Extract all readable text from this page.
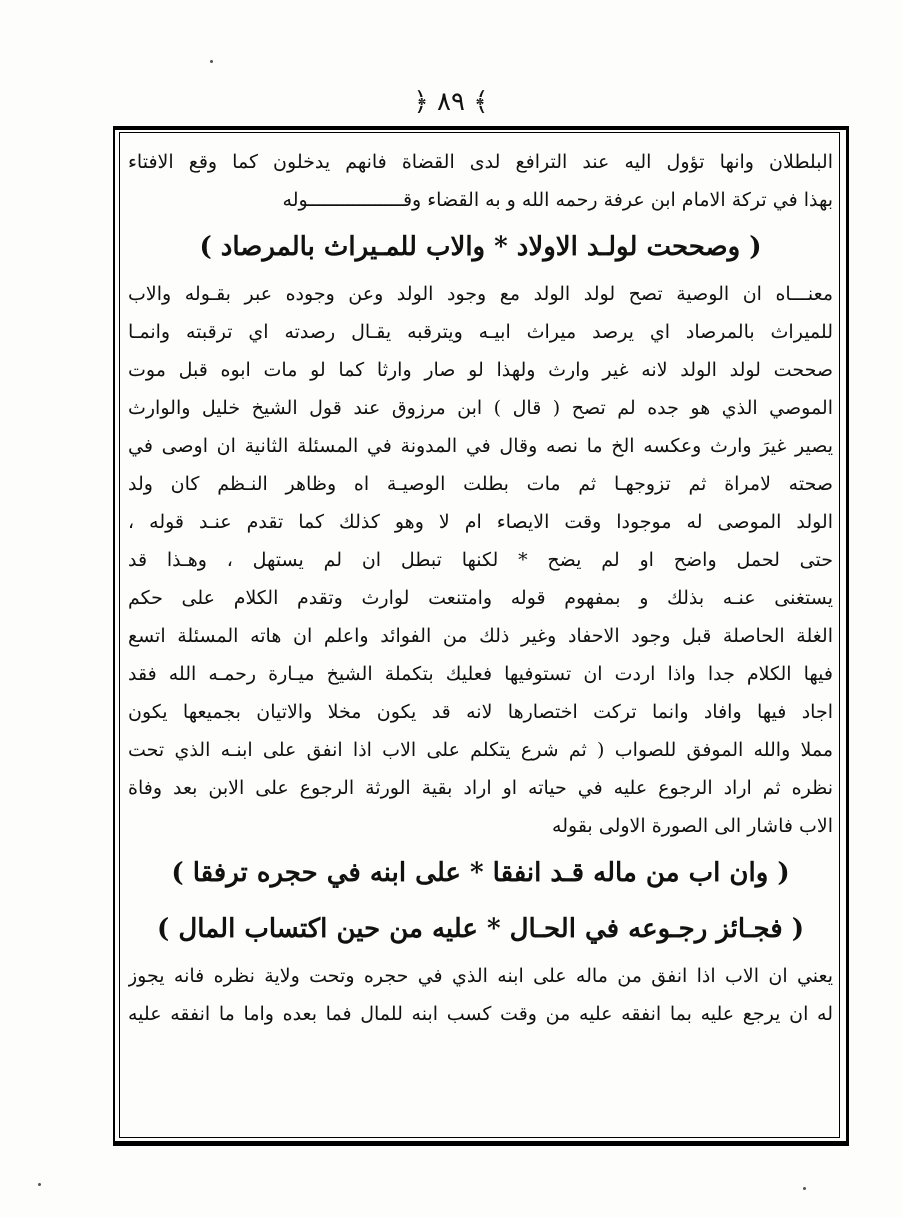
﴿ ٨٩ ﴾
البلطلان وانها تؤول اليه عند الترافع لدى القضاة فانهم يدخلون كما وقع الافتاء
بهذا في تركة الامام ابن عرفة رحمه الله و به القضاء وقـــــــــــــــــوله
( وصححت لولـد الاولاد * والاب للمـيراث بالمرصاد )
معنـــاه ان الوصية تصح لولد الولد مع وجود الولد وعن وجوده عبر بقـوله والاب
للميراث بالمرصاد اي يرصد ميراث ابيـه ويترقبه يقـال رصدته اي ترقبته وانمـا
صححت لولد الولد لانه غير وارث ولهذا لو صار وارثا كما لو مات ابوه قبل موت
الموصي الذي هو جده لم تصح ( قال ) ابن مرزوق عند قول الشيخ خليل والوارث
يصير غيرَ وارث وعكسه الخ ما نصه وقال في المدونة في المسئلة الثانية ان اوصى في
صحته لامراة ثم تزوجهـا ثم مات بطلت الوصيـة اه وظاهر النـظم كان ولد
الولد الموصى له موجودا وقت الايصاء ام لا وهو كذلك كما تقدم عنـد قوله ،
حتى لحمل واضح او لم يضح * لكنها تبطل ان لم يستهل ، وهـذا قد
يستغنى عنـه بذلك و بمفهوم قوله وامتنعت لوارث وتقدم الكلام على حكم
الغلة الحاصلة قبل وجود الاحفاد وغير ذلك من الفوائد واعلم ان هاته المسئلة اتسع
فيها الكلام جدا واذا اردت ان تستوفيها فعليك بتكملة الشيخ ميـارة رحمـه الله فقد
اجاد فيها وافاد وانما تركت اختصارها لانه قد يكون مخلا والاتيان بجميعها يكون
مملا والله الموفق للصواب ( ثم شرع يتكلم على الاب اذا انفق على ابنـه الذي تحت
نظره ثم اراد الرجوع عليه في حياته او اراد بقية الورثة الرجوع على الابن بعد وفاة
الاب فاشار الى الصورة الاولى بقوله
( وان اب من ماله قـد انفقا * على ابنه في حجره ترفقا )
( فجـائز رجـوعه في الحـال * عليه من حين اكتساب المال )
يعني ان الاب اذا انفق من ماله على ابنه الذي في حجره وتحت ولاية نظره فانه يجوز
له ان يرجع عليه بما انفقه عليه من وقت كسب ابنه للمال فما بعده واما ما انفقه عليه
